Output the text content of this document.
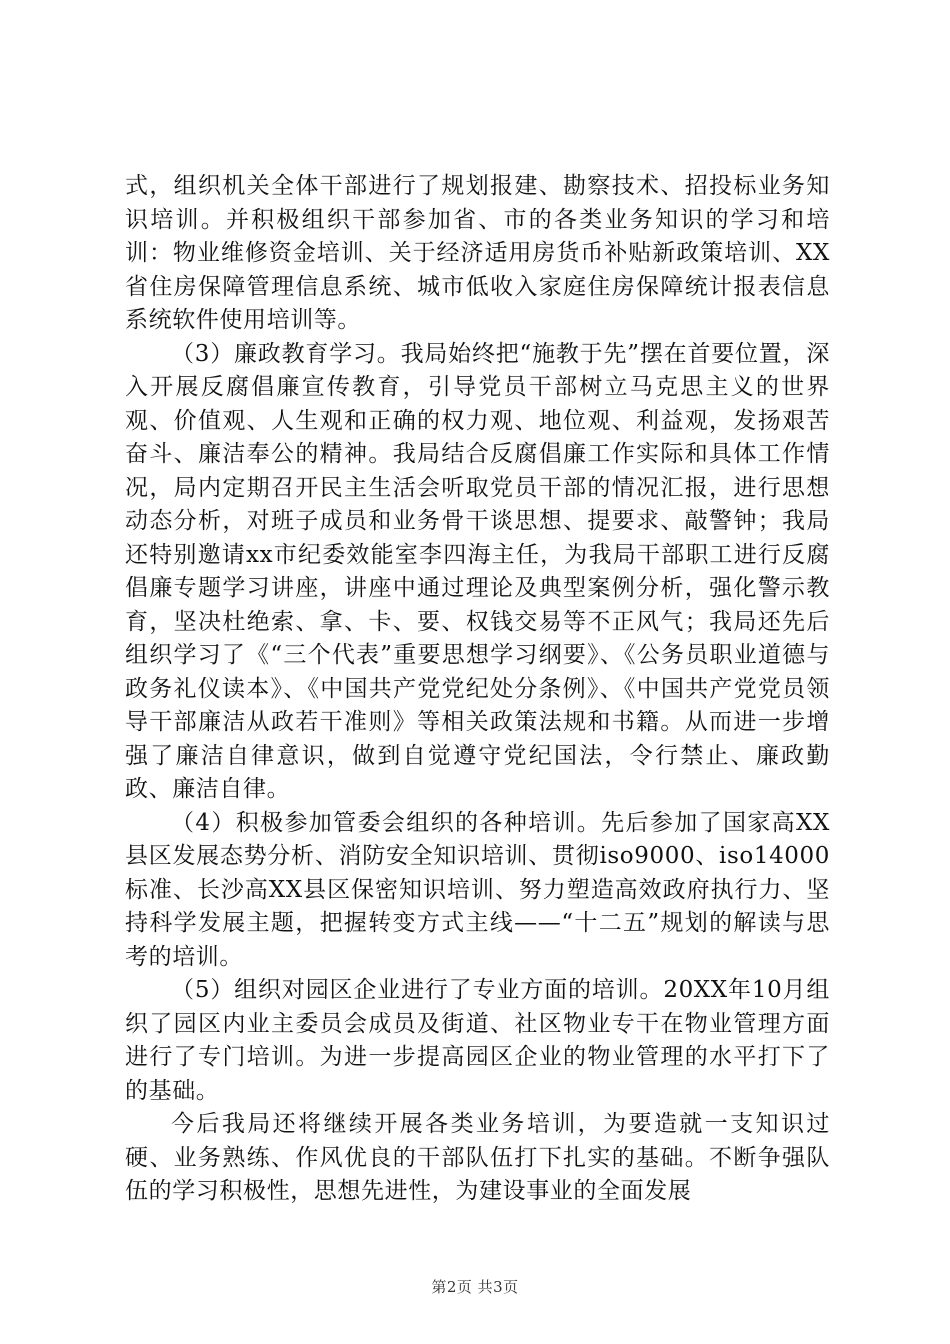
式，组织机关全体干部进行了规划报建、勘察技术、招投标业务知识培训。并积极组织干部参加省、市的各类业务知识的学习和培训：物业维修资金培训、关于经济适用房货币补贴新政策培训、XX省住房保障管理信息系统、城市低收入家庭住房保障统计报表信息系统软件使用培训等。

（3）廉政教育学习。我局始终把“施教于先”摆在首要位置，深入开展反腐倡廉宣传教育，引导党员干部树立马克思主义的世界观、价值观、人生观和正确的权力观、地位观、利益观，发扬艰苦奋斗、廉洁奉公的精神。我局结合反腐倡廉工作实际和具体工作情况，局内定期召开民主生活会听取党员干部的情况汇报，进行思想动态分析，对班子成员和业务骨干谈思想、提要求、敲警钟；我局还特别邀请xx市纪委效能室李四海主任，为我局干部职工进行反腐倡廉专题学习讲座，讲座中通过理论及典型案例分析，强化警示教育，坚决杜绝索、拿、卡、要、权钱交易等不正风气；我局还先后组织学习了《“三个代表”重要思想学习纲要》、《公务员职业道德与政务礼仪读本》、《中国共产党党纪处分条例》、《中国共产党党员领导干部廉洁从政若干准则》等相关政策法规和书籍。从而进一步增强了廉洁自律意识，做到自觉遵守党纪国法，令行禁止、廉政勤政、廉洁自律。

（4）积极参加管委会组织的各种培训。先后参加了国家高XX县区发展态势分析、消防安全知识培训、贯彻iso9000、iso14000标准、长沙高XX县区保密知识培训、努力塑造高效政府执行力、坚持科学发展主题，把握转变方式主线——“十二五”规划的解读与思考的培训。

（5）组织对园区企业进行了专业方面的培训。20XX年10月组织了园区内业主委员会成员及街道、社区物业专干在物业管理方面进行了专门培训。为进一步提高园区企业的物业管理的水平打下了的基础。

今后我局还将继续开展各类业务培训，为要造就一支知识过硬、业务熟练、作风优良的干部队伍打下扎实的基础。不断争强队伍的学习积极性，思想先进性，为建设事业的全面发展

第2页 共3页
